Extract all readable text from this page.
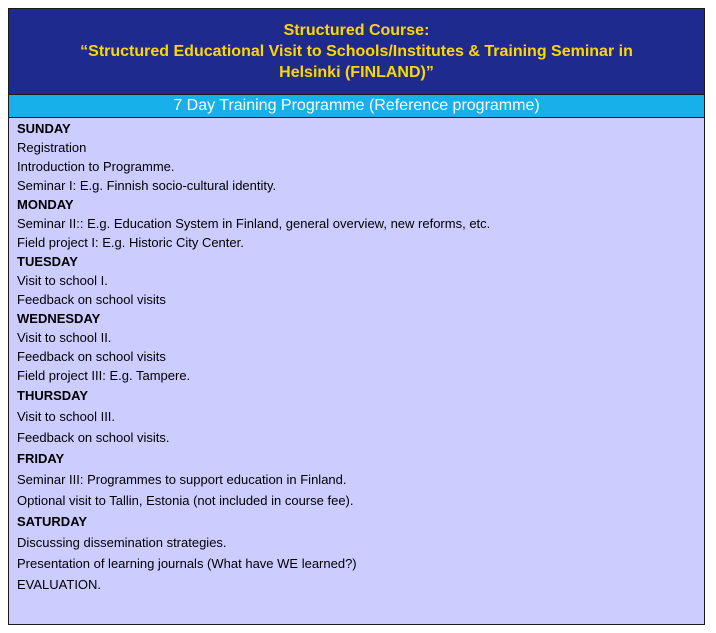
Structured Course:
“Structured Educational Visit to Schools/Institutes & Training Seminar in
Helsinki (FINLAND)”
7 Day Training Programme (Reference programme)
SUNDAY
Registration
Introduction to Programme.
Seminar I: E.g. Finnish socio-cultural identity.
MONDAY
Seminar II:: E.g. Education System in Finland, general overview, new reforms, etc.
Field project I: E.g. Historic City Center.
TUESDAY
Visit to school I.
Feedback on school visits
WEDNESDAY
Visit to school II.
Feedback on school visits
Field project III: E.g. Tampere.
THURSDAY
Visit to school III.
Feedback on school visits.
FRIDAY
Seminar III: Programmes to support education in Finland.
Optional visit to Tallin, Estonia (not included in course fee).
SATURDAY
Discussing dissemination strategies.
Presentation of learning journals (What have WE learned?)
EVALUATION.
